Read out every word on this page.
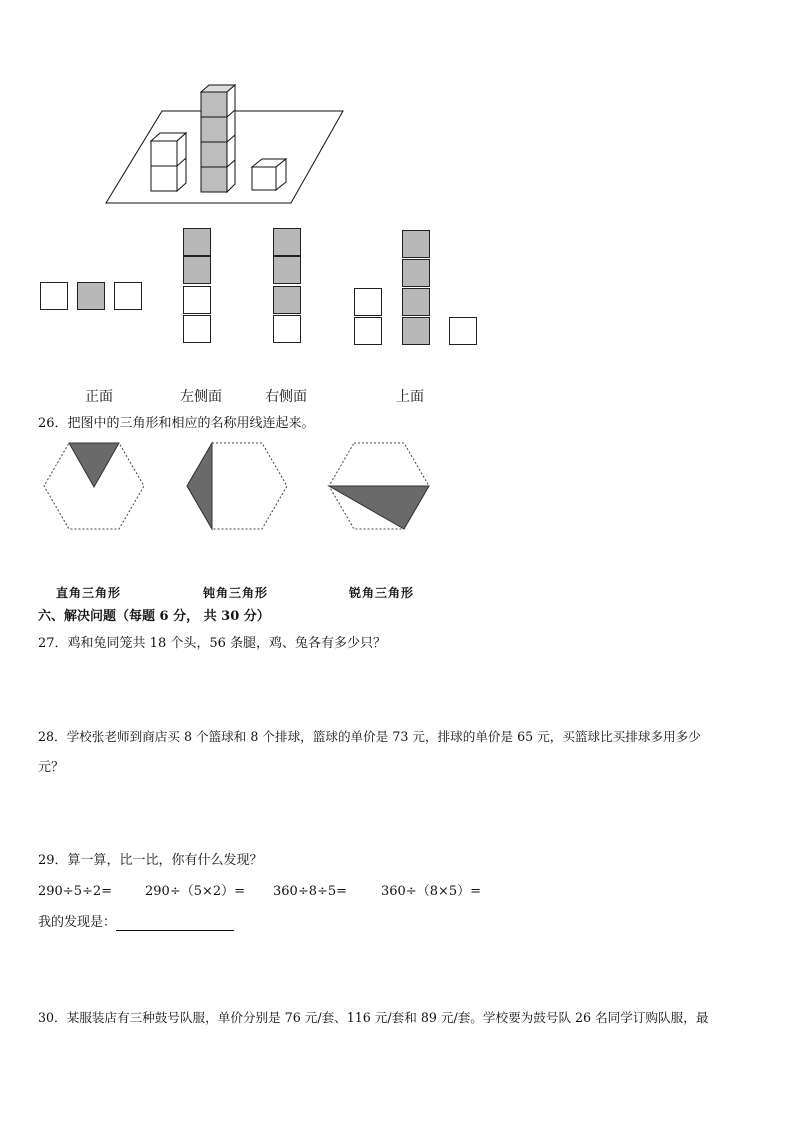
正面	左侧面	右侧面	上面
26．把图中的三角形和相应的名称用线连起来。
直角三角形	钝角三角形	锐角三角形
六、解决问题（每题 6 分， 共 30 分）
27．鸡和兔同笼共 18 个头，56 条腿，鸡、兔各有多少只？
28．学校张老师到商店买 8 个篮球和 8 个排球，篮球的单价是 73 元，排球的单价是 65 元，买篮球比买排球多用多少
元？
29．算一算，比一比，你有什么发现？
290÷5÷2=	290÷（5×2）= 360÷8÷5=	360÷（8×5）=
我的发现是：
30．某服装店有三种鼓号队服，单价分别是 76 元/套、116 元/套和 89 元/套。学校要为鼓号队 26 名同学订购队服，最
